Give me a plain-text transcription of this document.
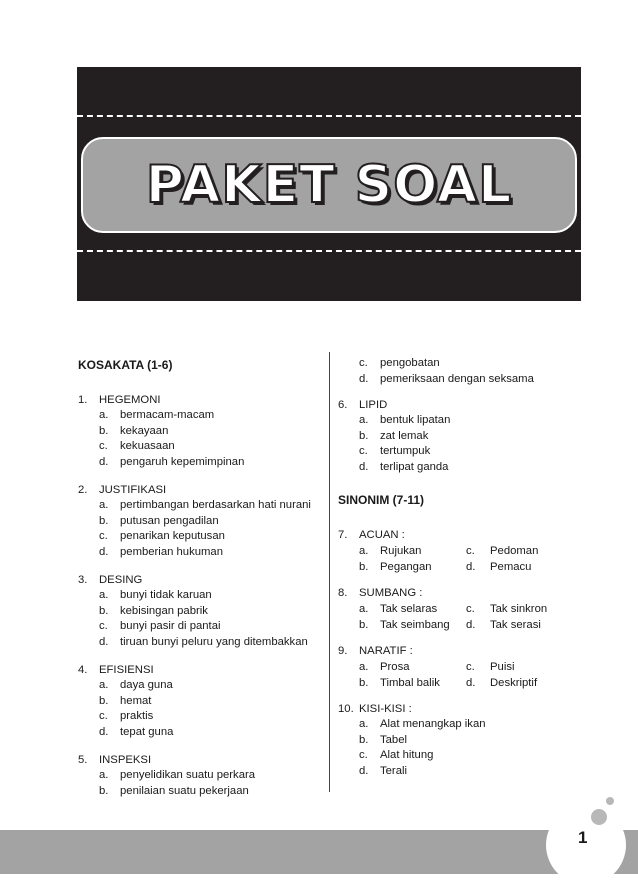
PAKET SOAL
KOSAKATA (1-6)
1. HEGEMONI
a. bermacam-macam
b. kekayaan
c. kekuasaan
d. pengaruh kepemimpinan
2. JUSTIFIKASI
a. pertimbangan berdasarkan hati nurani
b. putusan pengadilan
c. penarikan keputusan
d. pemberian hukuman
3. DESING
a. bunyi tidak karuan
b. kebisingan pabrik
c. bunyi pasir di pantai
d. tiruan bunyi peluru yang ditembakkan
4. EFISIENSI
a. daya guna
b. hemat
c. praktis
d. tepat guna
5. INSPEKSI
a. penyelidikan suatu perkara
b. penilaian suatu pekerjaan
c. pengobatan
d. pemeriksaan dengan seksama
6. LIPID
a. bentuk lipatan
b. zat lemak
c. tertumpuk
d. terlipat ganda
SINONIM (7-11)
7. ACUAN :
a. Rujukan	c. Pedoman
b. Pegangan	d. Pemacu
8. SUMBANG :
a. Tak selaras	c. Tak sinkron
b. Tak seimbang d. Tak serasi
9. NARATIF :
a. Prosa	c. Puisi
b. Timbal balik d. Deskriptif
10. KISI-KISI :
a. Alat menangkap ikan
b. Tabel
c. Alat hitung
d. Terali
1
